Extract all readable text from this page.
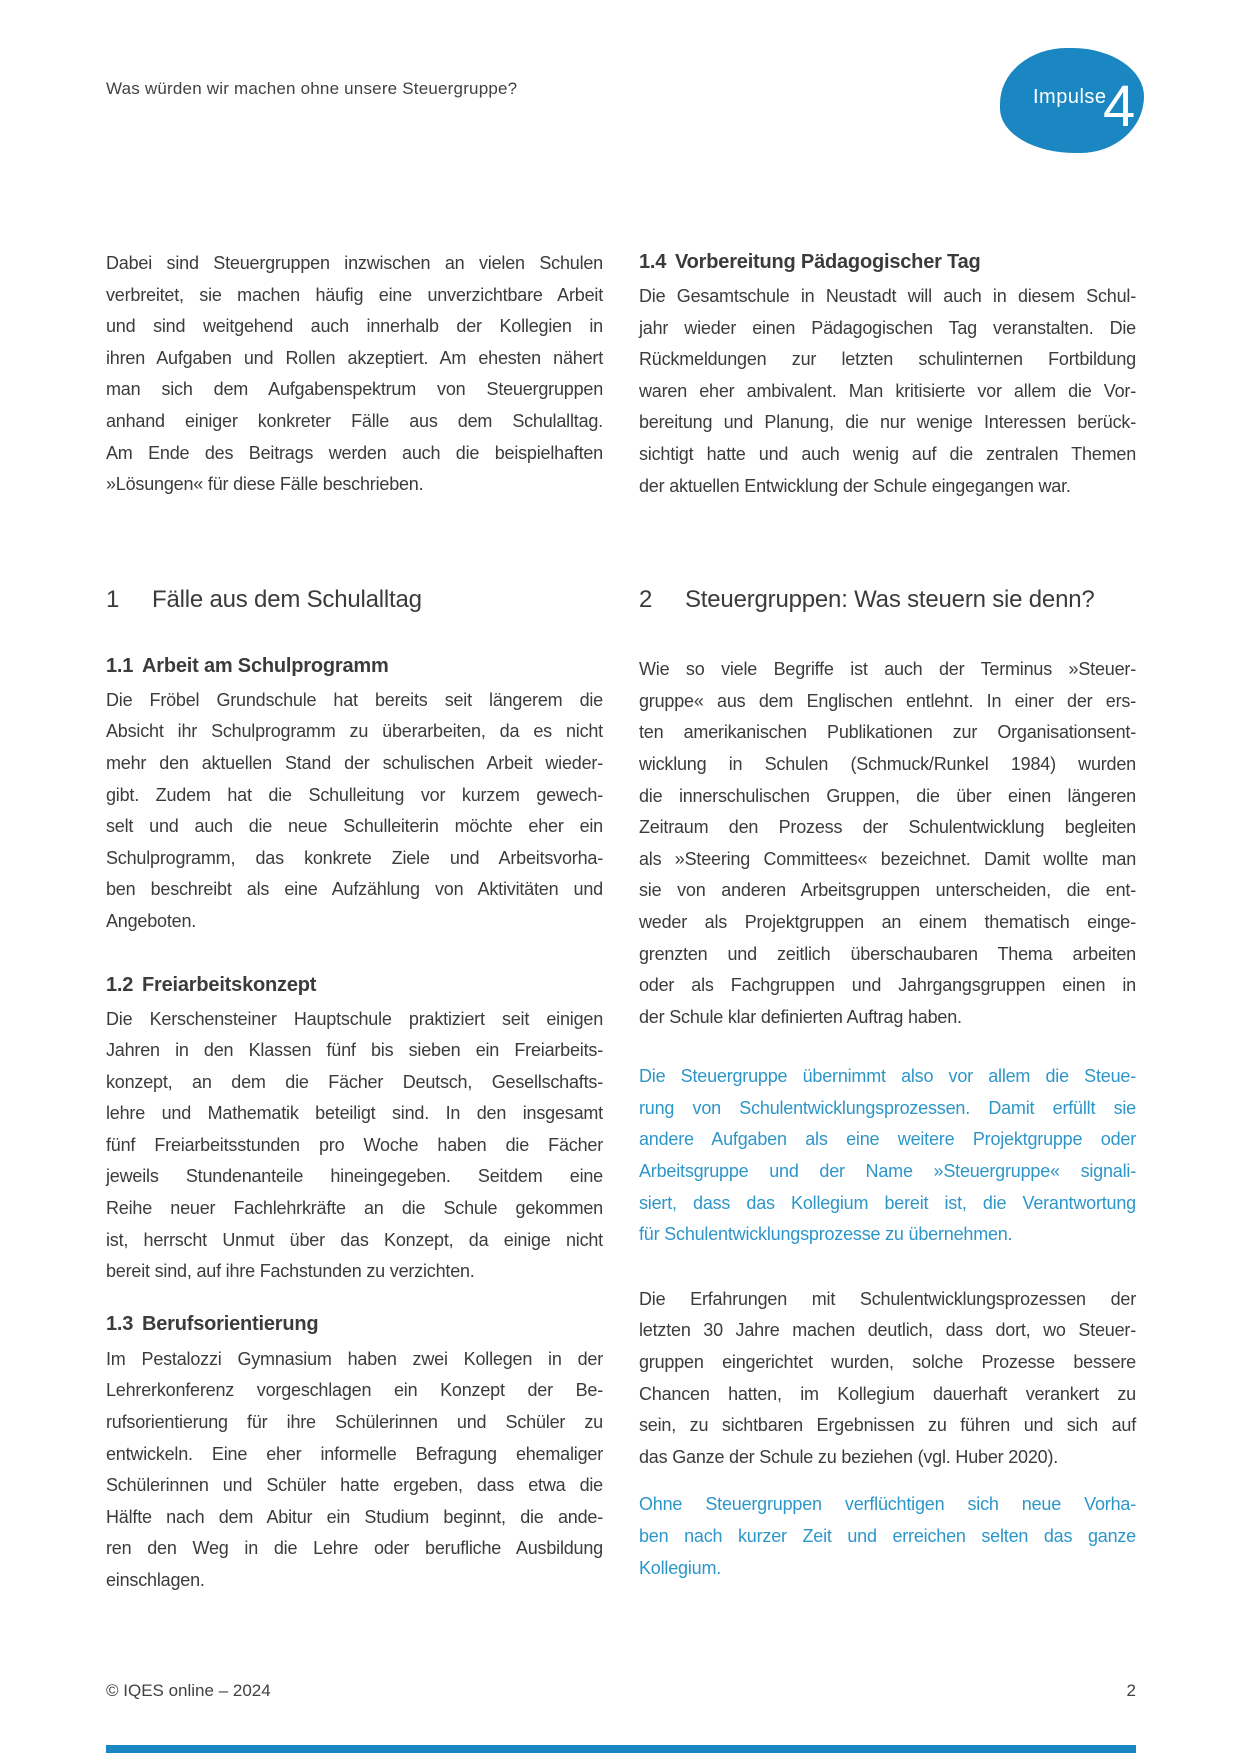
Was würden wir machen ohne unsere Steuergruppe?	Impulse
4
Dabei sind Steuergruppen inzwischen an vielen Schulen
verbreitet, sie machen häufig eine unverzichtbare Arbeit
und sind weitgehend auch innerhalb der Kollegien in
ihren Aufgaben und Rollen akzeptiert. Am ehesten nähert
man sich dem Aufgabenspektrum von Steuergruppen
anhand einiger konkreter Fälle aus dem Schulalltag.
Am Ende des Beitrags werden auch die beispielhaften
»Lösungen« für diese Fälle beschrieben.
1 Fälle aus dem Schulalltag
1.1 Arbeit am Schulprogramm
Die Fröbel Grundschule hat bereits seit längerem die
Absicht ihr Schulprogramm zu überarbeiten, da es nicht
mehr den aktuellen Stand der schulischen Arbeit wieder-
gibt. Zudem hat die Schulleitung vor kurzem gewech-
selt und auch die neue Schulleiterin möchte eher ein
Schulprogramm, das konkrete Ziele und Arbeitsvorha-
ben beschreibt als eine Aufzählung von Aktivitäten und
Angeboten.
1.2 Freiarbeitskonzept
Die Kerschensteiner Hauptschule praktiziert seit einigen
Jahren in den Klassen fünf bis sieben ein Freiarbeits-
konzept, an dem die Fächer Deutsch, Gesellschafts-
lehre und Mathematik beteiligt sind. In den insgesamt
fünf Freiarbeitsstunden pro Woche haben die Fächer
jeweils Stundenanteile hineingegeben. Seitdem eine
Reihe neuer Fachlehrkräfte an die Schule gekommen
ist, herrscht Unmut über das Konzept, da einige nicht
bereit sind, auf ihre Fachstunden zu verzichten.
1.3 Berufsorientierung
Im Pestalozzi Gymnasium haben zwei Kollegen in der
Lehrerkonferenz vorgeschlagen ein Konzept der Be-
rufsorientierung für ihre Schülerinnen und Schüler zu
entwickeln. Eine eher informelle Befragung ehemaliger
Schülerinnen und Schüler hatte ergeben, dass etwa die
Hälfte nach dem Abitur ein Studium beginnt, die ande-
ren den Weg in die Lehre oder berufliche Ausbildung
einschlagen.
1.4 Vorbereitung Pädagogischer Tag
Die Gesamtschule in Neustadt will auch in diesem Schul-
jahr wieder einen Pädagogischen Tag veranstalten. Die
Rückmeldungen zur letzten schulinternen Fortbildung
waren eher ambivalent. Man kritisierte vor allem die Vor-
bereitung und Planung, die nur wenige Interessen berück-
sichtigt hatte und auch wenig auf die zentralen Themen
der aktuellen Entwicklung der Schule eingegangen war.
2 Steuergruppen: Was steuern sie denn?
Wie so viele Begriffe ist auch der Terminus »Steuer-
gruppe« aus dem Englischen entlehnt. In einer der ers-
ten amerikanischen Publikationen zur Organisationsent-
wicklung in Schulen (Schmuck/Runkel 1984) wurden
die innerschulischen Gruppen, die über einen längeren
Zeitraum den Prozess der Schulentwicklung begleiten
als »Steering Committees« bezeichnet. Damit wollte man
sie von anderen Arbeitsgruppen unterscheiden, die ent-
weder als Projektgruppen an einem thematisch einge-
grenzten und zeitlich überschaubaren Thema arbeiten
oder als Fachgruppen und Jahrgangsgruppen einen in
der Schule klar definierten Auftrag haben.
Die Steuergruppe übernimmt also vor allem die Steue-
rung von Schulentwicklungsprozessen. Damit erfüllt sie
andere Aufgaben als eine weitere Projektgruppe oder
Arbeitsgruppe und der Name »Steuergruppe« signali-
siert, dass das Kollegium bereit ist, die Verantwortung
für Schulentwicklungsprozesse zu übernehmen.
Die Erfahrungen mit Schulentwicklungsprozessen der
letzten 30 Jahre machen deutlich, dass dort, wo Steuer-
gruppen eingerichtet wurden, solche Prozesse bessere
Chancen hatten, im Kollegium dauerhaft verankert zu
sein, zu sichtbaren Ergebnissen zu führen und sich auf
das Ganze der Schule zu beziehen (vgl. Huber 2020).
Ohne Steuergruppen verflüchtigen sich neue Vorha-
ben nach kurzer Zeit und erreichen selten das ganze
Kollegium.
© IQES online – 2024	2
